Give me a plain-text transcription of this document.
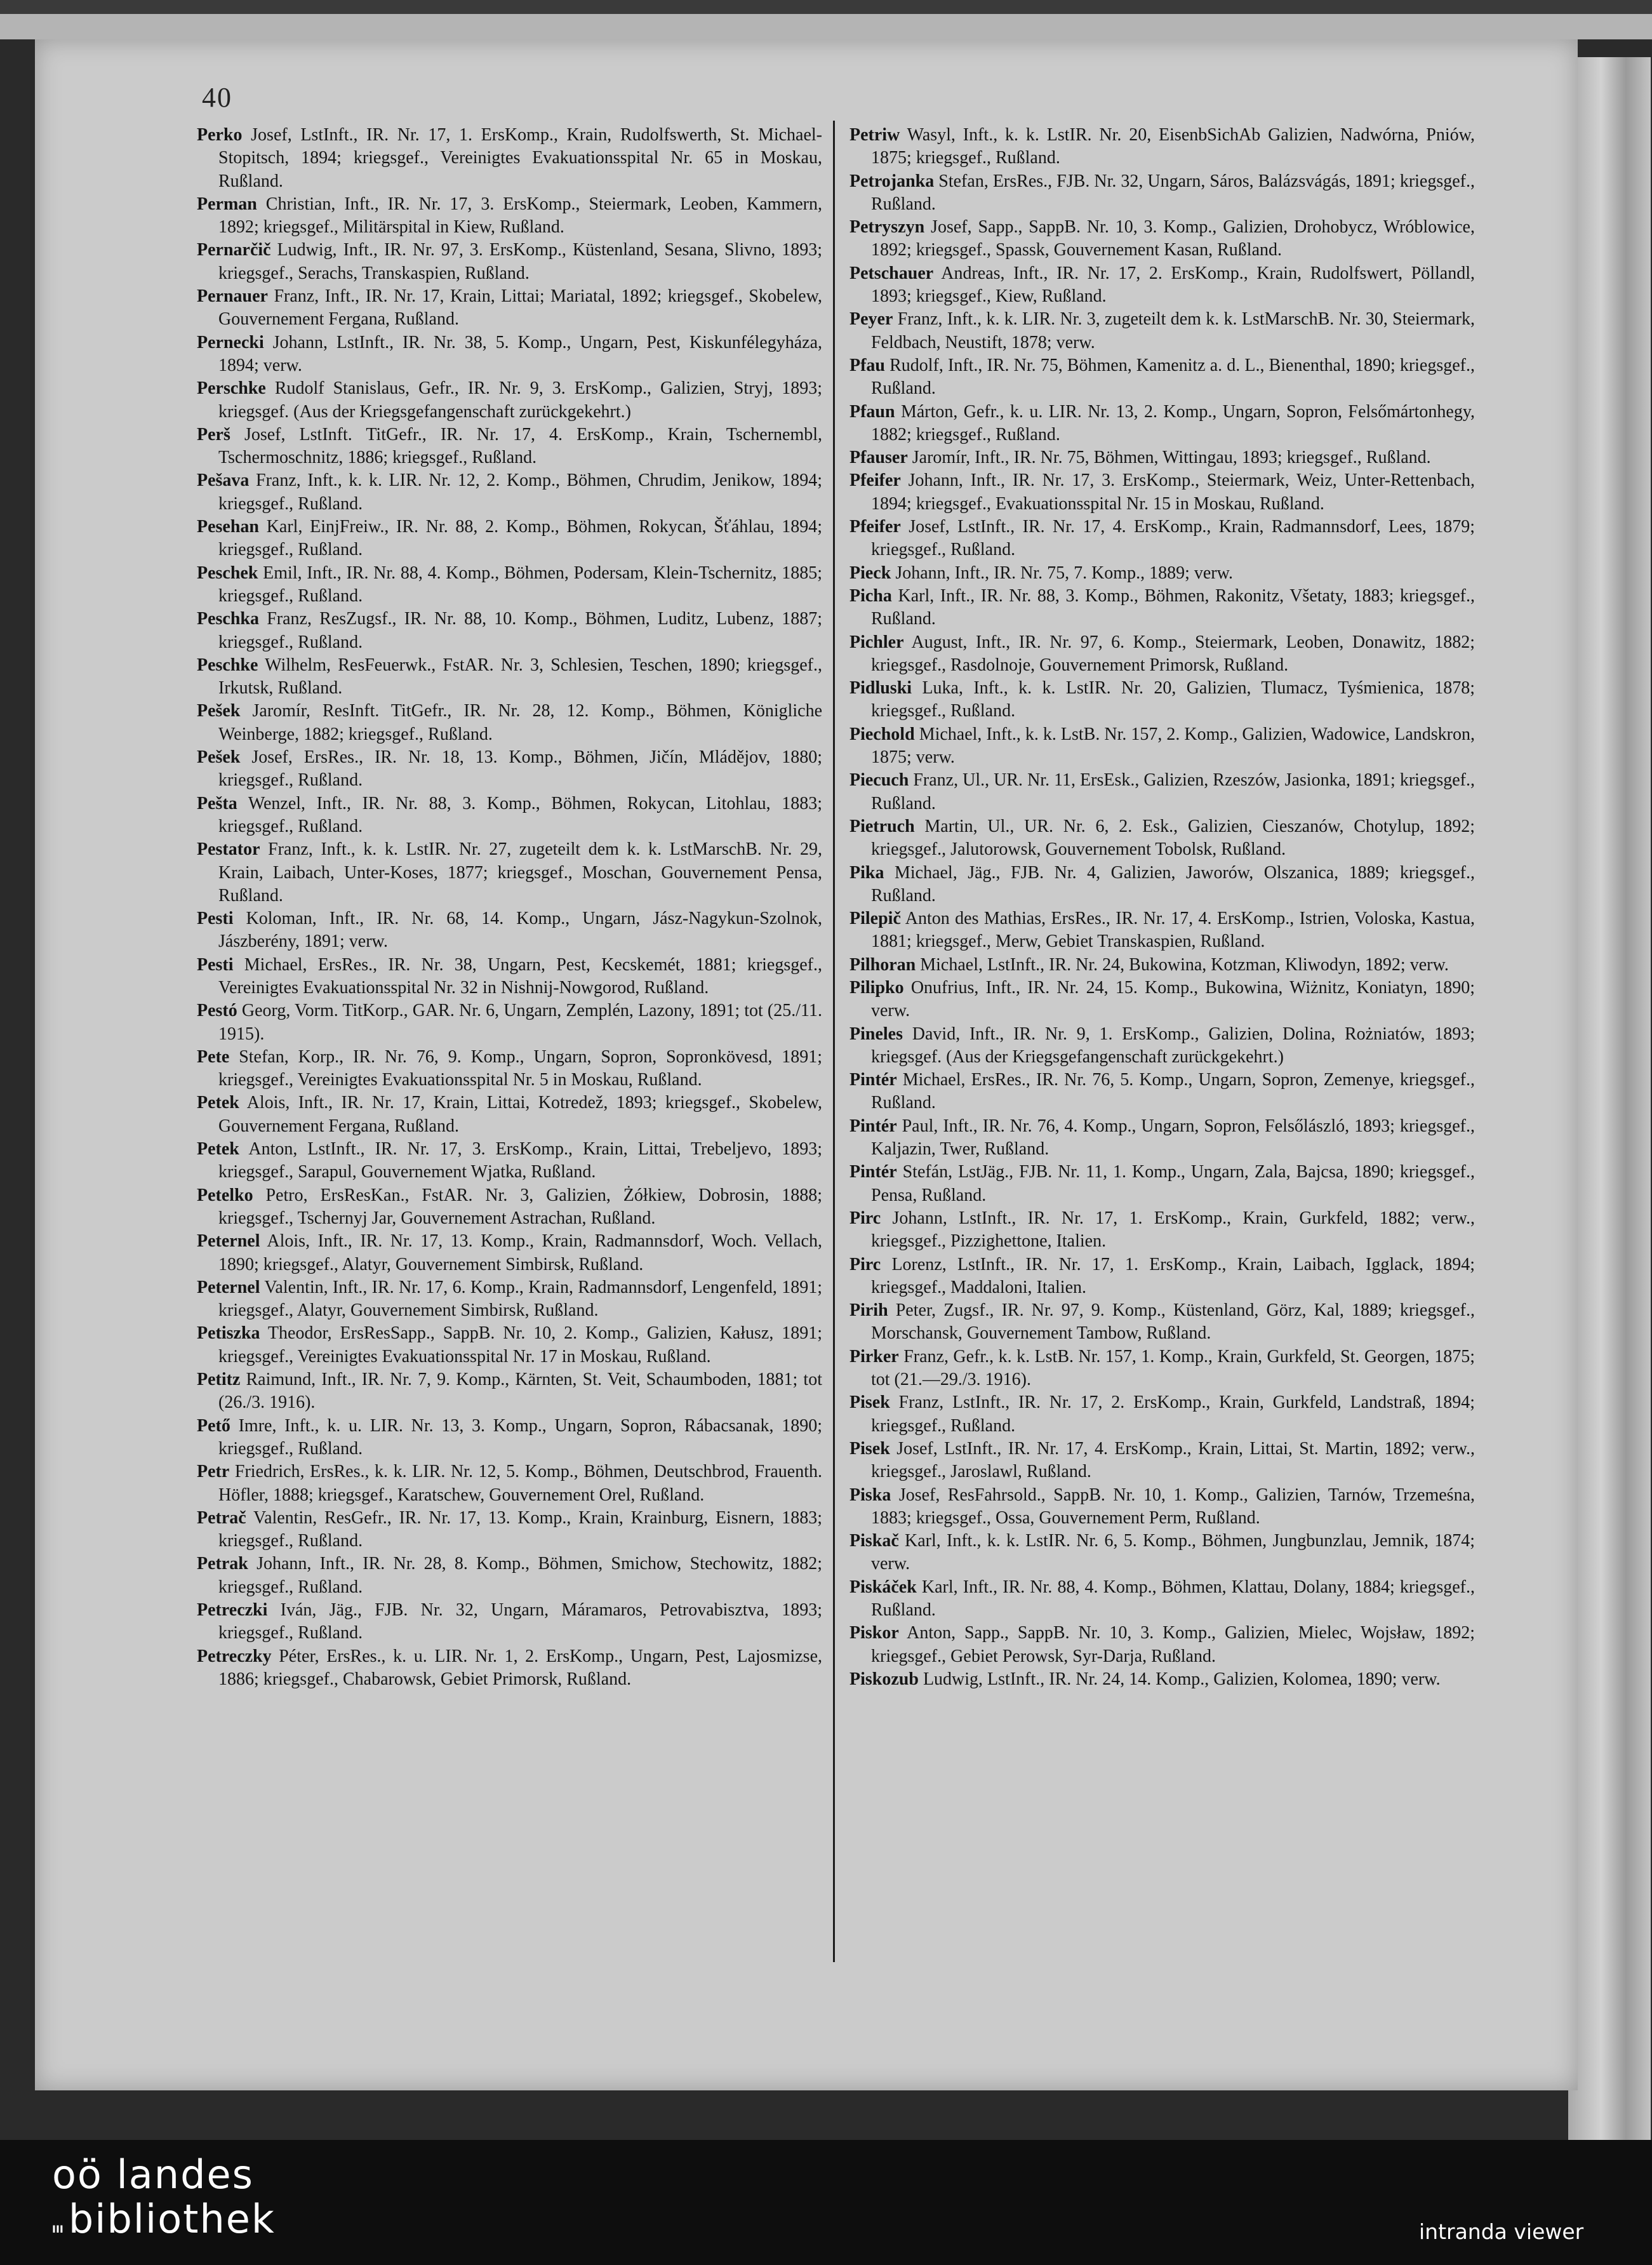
40

Perko Josef, LstInft., IR. Nr. 17, 1. ErsKomp., Krain, Rudolfswerth, St. Michael-Stopitsch, 1894; kriegsgef., Vereinigtes Evakuationsspital Nr. 65 in Moskau, Rußland.

Perman Christian, Inft., IR. Nr. 17, 3. ErsKomp., Steiermark, Leoben, Kammern, 1892; kriegsgef., Militärspital in Kiew, Rußland.

Pernarčič Ludwig, Inft., IR. Nr. 97, 3. ErsKomp., Küstenland, Sesana, Slivno, 1893; kriegsgef., Serachs, Transkaspien, Rußland.

Pernauer Franz, Inft., IR. Nr. 17, Krain, Littai; Mariatal, 1892; kriegsgef., Skobelew, Gouvernement Fergana, Rußland.

Pernecki Johann, LstInft., IR. Nr. 38, 5. Komp., Ungarn, Pest, Kiskunfélegyháza, 1894; verw.

Perschke Rudolf Stanislaus, Gefr., IR. Nr. 9, 3. ErsKomp., Galizien, Stryj, 1893; kriegsgef. (Aus der Kriegsgefangenschaft zurückgekehrt.)

Perš Josef, LstInft. TitGefr., IR. Nr. 17, 4. ErsKomp., Krain, Tschernembl, Tschermoschnitz, 1886; kriegsgef., Rußland.

Pešava Franz, Inft., k. k. LIR. Nr. 12, 2. Komp., Böhmen, Chrudim, Jenikow, 1894; kriegsgef., Rußland.

Pesehan Karl, EinjFreiw., IR. Nr. 88, 2. Komp., Böhmen, Rokycan, Šťáhlau, 1894; kriegsgef., Rußland.

Peschek Emil, Inft., IR. Nr. 88, 4. Komp., Böhmen, Podersam, Klein-Tschernitz, 1885; kriegsgef., Rußland.

Peschka Franz, ResZugsf., IR. Nr. 88, 10. Komp., Böhmen, Luditz, Lubenz, 1887; kriegsgef., Rußland.

Peschke Wilhelm, ResFeuerwk., FstAR. Nr. 3, Schlesien, Teschen, 1890; kriegsgef., Irkutsk, Rußland.

Pešek Jaromír, ResInft. TitGefr., IR. Nr. 28, 12. Komp., Böhmen, Königliche Weinberge, 1882; kriegsgef., Rußland.

Pešek Josef, ErsRes., IR. Nr. 18, 13. Komp., Böhmen, Jičín, Mládějov, 1880; kriegsgef., Rußland.

Pešta Wenzel, Inft., IR. Nr. 88, 3. Komp., Böhmen, Rokycan, Litohlau, 1883; kriegsgef., Rußland.

Pestator Franz, Inft., k. k. LstIR. Nr. 27, zugeteilt dem k. k. LstMarschB. Nr. 29, Krain, Laibach, Unter-Koses, 1877; kriegsgef., Moschan, Gouvernement Pensa, Rußland.

Pesti Koloman, Inft., IR. Nr. 68, 14. Komp., Ungarn, Jász-Nagykun-Szolnok, Jászberény, 1891; verw.

Pesti Michael, ErsRes., IR. Nr. 38, Ungarn, Pest, Kecskemét, 1881; kriegsgef., Vereinigtes Evakuationsspital Nr. 32 in Nishnij-Nowgorod, Rußland.

Pestó Georg, Vorm. TitKorp., GAR. Nr. 6, Ungarn, Zemplén, Lazony, 1891; tot (25./11. 1915).

Pete Stefan, Korp., IR. Nr. 76, 9. Komp., Ungarn, Sopron, Sopronkövesd, 1891; kriegsgef., Vereinigtes Evakuationsspital Nr. 5 in Moskau, Rußland.

Petek Alois, Inft., IR. Nr. 17, Krain, Littai, Kotredež, 1893; kriegsgef., Skobelew, Gouvernement Fergana, Rußland.

Petek Anton, LstInft., IR. Nr. 17, 3. ErsKomp., Krain, Littai, Trebeljevo, 1893; kriegsgef., Sarapul, Gouvernement Wjatka, Rußland.

Petelko Petro, ErsResKan., FstAR. Nr. 3, Galizien, Żółkiew, Dobrosin, 1888; kriegsgef., Tschernyj Jar, Gouvernement Astrachan, Rußland.

Peternel Alois, Inft., IR. Nr. 17, 13. Komp., Krain, Radmannsdorf, Woch. Vellach, 1890; kriegsgef., Alatyr, Gouvernement Simbirsk, Rußland.

Peternel Valentin, Inft., IR. Nr. 17, 6. Komp., Krain, Radmannsdorf, Lengenfeld, 1891; kriegsgef., Alatyr, Gouvernement Simbirsk, Rußland.

Petiszka Theodor, ErsResSapp., SappB. Nr. 10, 2. Komp., Galizien, Kałusz, 1891; kriegsgef., Vereinigtes Evakuationsspital Nr. 17 in Moskau, Rußland.

Petitz Raimund, Inft., IR. Nr. 7, 9. Komp., Kärnten, St. Veit, Schaumboden, 1881; tot (26./3. 1916).

Pető Imre, Inft., k. u. LIR. Nr. 13, 3. Komp., Ungarn, Sopron, Rábacsanak, 1890; kriegsgef., Rußland.

Petr Friedrich, ErsRes., k. k. LIR. Nr. 12, 5. Komp., Böhmen, Deutschbrod, Frauenth. Höfler, 1888; kriegsgef., Karatschew, Gouvernement Orel, Rußland.

Petrač Valentin, ResGefr., IR. Nr. 17, 13. Komp., Krain, Krainburg, Eisnern, 1883; kriegsgef., Rußland.

Petrak Johann, Inft., IR. Nr. 28, 8. Komp., Böhmen, Smichow, Stechowitz, 1882; kriegsgef., Rußland.

Petreczki Iván, Jäg., FJB. Nr. 32, Ungarn, Máramaros, Petrovabisztva, 1893; kriegsgef., Rußland.

Petreczky Péter, ErsRes., k. u. LIR. Nr. 1, 2. ErsKomp., Ungarn, Pest, Lajosmizse, 1886; kriegsgef., Chabarowsk, Gebiet Primorsk, Rußland.

Petriw Wasyl, Inft., k. k. LstIR. Nr. 20, EisenbSichAb Galizien, Nadwórna, Pniów, 1875; kriegsgef., Rußland.

Petrojanka Stefan, ErsRes., FJB. Nr. 32, Ungarn, Sáros, Balázsvágás, 1891; kriegsgef., Rußland.

Petryszyn Josef, Sapp., SappB. Nr. 10, 3. Komp., Galizien, Drohobycz, Wróblowice, 1892; kriegsgef., Spassk, Gouvernement Kasan, Rußland.

Petschauer Andreas, Inft., IR. Nr. 17, 2. ErsKomp., Krain, Rudolfswert, Pöllandl, 1893; kriegsgef., Kiew, Rußland.

Peyer Franz, Inft., k. k. LIR. Nr. 3, zugeteilt dem k. k. LstMarschB. Nr. 30, Steiermark, Feldbach, Neustift, 1878; verw.

Pfau Rudolf, Inft., IR. Nr. 75, Böhmen, Kamenitz a. d. L., Bienenthal, 1890; kriegsgef., Rußland.

Pfaun Márton, Gefr., k. u. LIR. Nr. 13, 2. Komp., Ungarn, Sopron, Felsőmártonhegy, 1882; kriegsgef., Rußland.

Pfauser Jaromír, Inft., IR. Nr. 75, Böhmen, Wittingau, 1893; kriegsgef., Rußland.

Pfeifer Johann, Inft., IR. Nr. 17, 3. ErsKomp., Steiermark, Weiz, Unter-Rettenbach, 1894; kriegsgef., Evakuationsspital Nr. 15 in Moskau, Rußland.

Pfeifer Josef, LstInft., IR. Nr. 17, 4. ErsKomp., Krain, Radmannsdorf, Lees, 1879; kriegsgef., Rußland.

Pieck Johann, Inft., IR. Nr. 75, 7. Komp., 1889; verw.

Picha Karl, Inft., IR. Nr. 88, 3. Komp., Böhmen, Rakonitz, Všetaty, 1883; kriegsgef., Rußland.

Pichler August, Inft., IR. Nr. 97, 6. Komp., Steiermark, Leoben, Donawitz, 1882; kriegsgef., Rasdolnoje, Gouvernement Primorsk, Rußland.

Pidluski Luka, Inft., k. k. LstIR. Nr. 20, Galizien, Tlumacz, Tyśmienica, 1878; kriegsgef., Rußland.

Piechold Michael, Inft., k. k. LstB. Nr. 157, 2. Komp., Galizien, Wadowice, Landskron, 1875; verw.

Piecuch Franz, Ul., UR. Nr. 11, ErsEsk., Galizien, Rzeszów, Jasionka, 1891; kriegsgef., Rußland.

Pietruch Martin, Ul., UR. Nr. 6, 2. Esk., Galizien, Cieszanów, Chotylup, 1892; kriegsgef., Jalutorowsk, Gouvernement Tobolsk, Rußland.

Pika Michael, Jäg., FJB. Nr. 4, Galizien, Jaworów, Olszanica, 1889; kriegsgef., Rußland.

Pilepič Anton des Mathias, ErsRes., IR. Nr. 17, 4. ErsKomp., Istrien, Voloska, Kastua, 1881; kriegsgef., Merw, Gebiet Transkaspien, Rußland.

Pilhoran Michael, LstInft., IR. Nr. 24, Bukowina, Kotzman, Kliwodyn, 1892; verw.

Pilipko Onufrius, Inft., IR. Nr. 24, 15. Komp., Bukowina, Wiżnitz, Koniatyn, 1890; verw.

Pineles David, Inft., IR. Nr. 9, 1. ErsKomp., Galizien, Dolina, Rożniatów, 1893; kriegsgef. (Aus der Kriegsgefangenschaft zurückgekehrt.)

Pintér Michael, ErsRes., IR. Nr. 76, 5. Komp., Ungarn, Sopron, Zemenye, kriegsgef., Rußland.

Pintér Paul, Inft., IR. Nr. 76, 4. Komp., Ungarn, Sopron, Felsőlászló, 1893; kriegsgef., Kaljazin, Twer, Rußland.

Pintér Stefán, LstJäg., FJB. Nr. 11, 1. Komp., Ungarn, Zala, Bajcsa, 1890; kriegsgef., Pensa, Rußland.

Pirc Johann, LstInft., IR. Nr. 17, 1. ErsKomp., Krain, Gurkfeld, 1882; verw., kriegsgef., Pizzighettone, Italien.

Pirc Lorenz, LstInft., IR. Nr. 17, 1. ErsKomp., Krain, Laibach, Igglack, 1894; kriegsgef., Maddaloni, Italien.

Pirih Peter, Zugsf., IR. Nr. 97, 9. Komp., Küstenland, Görz, Kal, 1889; kriegsgef., Morschansk, Gouvernement Tambow, Rußland.

Pirker Franz, Gefr., k. k. LstB. Nr. 157, 1. Komp., Krain, Gurkfeld, St. Georgen, 1875; tot (21.—29./3. 1916).

Pisek Franz, LstInft., IR. Nr. 17, 2. ErsKomp., Krain, Gurkfeld, Landstraß, 1894; kriegsgef., Rußland.

Pisek Josef, LstInft., IR. Nr. 17, 4. ErsKomp., Krain, Littai, St. Martin, 1892; verw., kriegsgef., Jaroslawl, Rußland.

Piska Josef, ResFahrsold., SappB. Nr. 10, 1. Komp., Galizien, Tarnów, Trzemeśna, 1883; kriegsgef., Ossa, Gouvernement Perm, Rußland.

Piskač Karl, Inft., k. k. LstIR. Nr. 6, 5. Komp., Böhmen, Jungbunzlau, Jemnik, 1874; verw.

Piskáček Karl, Inft., IR. Nr. 88, 4. Komp., Böhmen, Klattau, Dolany, 1884; kriegsgef., Rußland.

Piskor Anton, Sapp., SappB. Nr. 10, 3. Komp., Galizien, Mielec, Wojsław, 1892; kriegsgef., Gebiet Perowsk, Syr-Darja, Rußland.

Piskozub Ludwig, LstInft., IR. Nr. 24, 14. Komp., Galizien, Kolomea, 1890; verw.

oö landes
III bibliothek	intranda viewer
